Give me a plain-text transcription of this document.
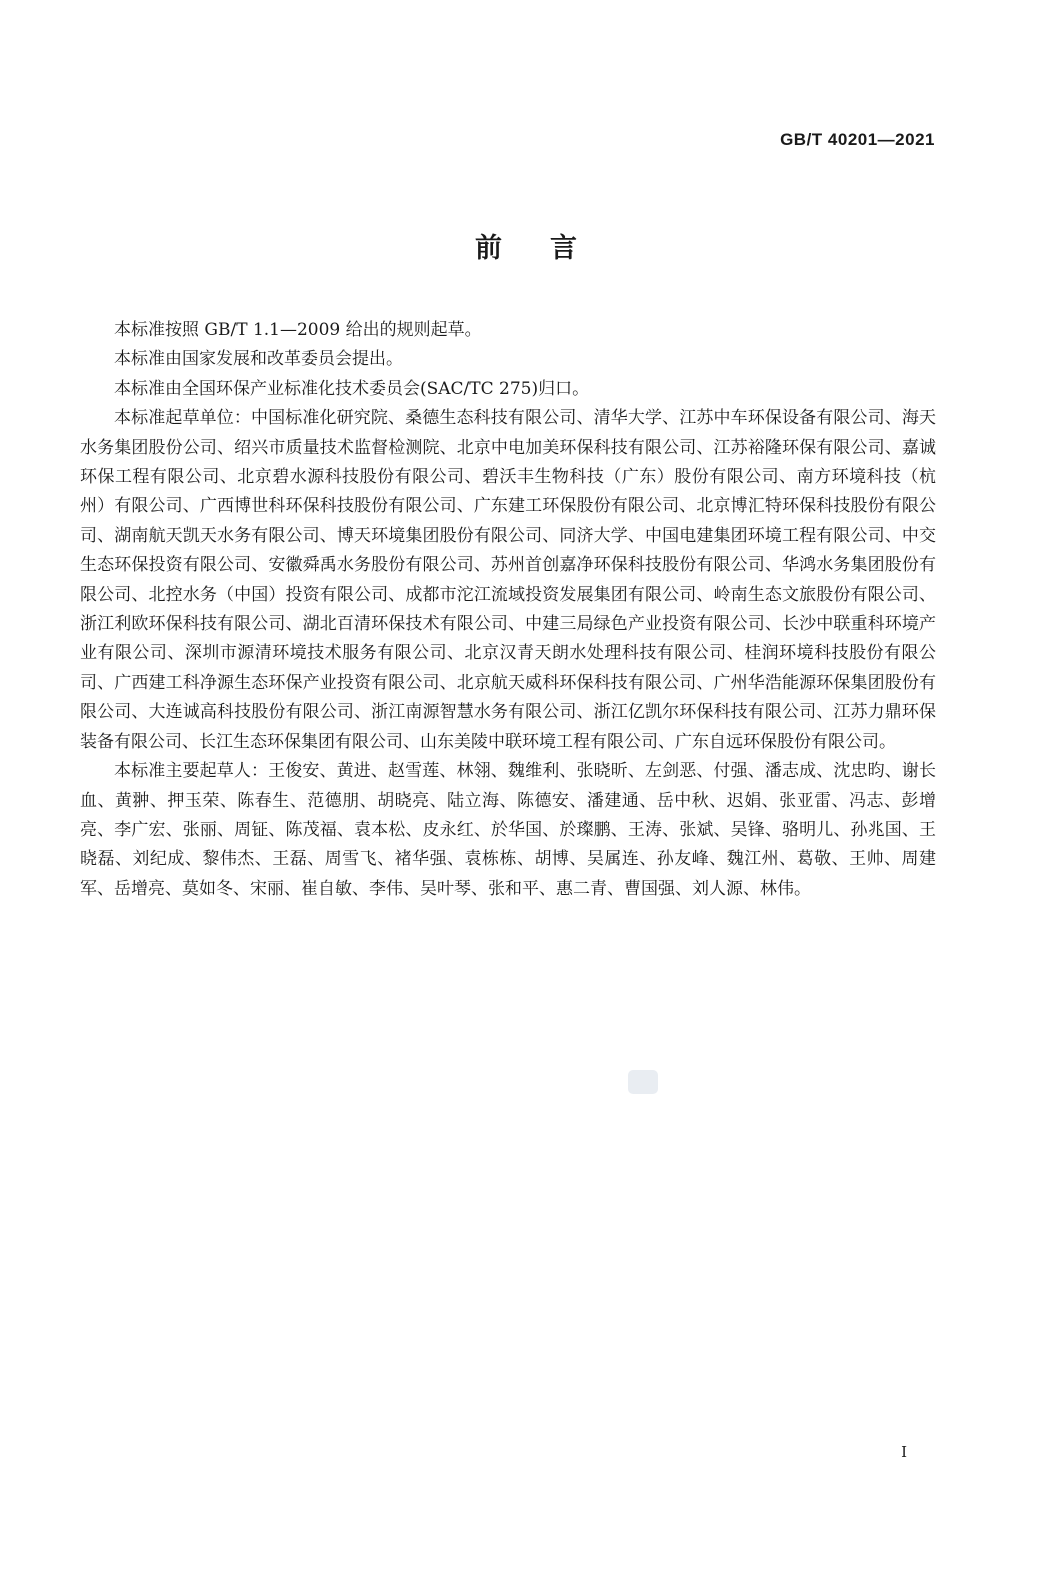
GB/T 40201—2021
前言

本标准按照 GB/T 1.1—2009 给出的规则起草。

本标准由国家发展和改革委员会提出。

本标准由全国环保产业标准化技术委员会(SAC/TC 275)归口。

本标准起草单位：中国标准化研究院、桑德生态科技有限公司、清华大学、江苏中车环保设备有限公司、海天水务集团股份公司、绍兴市质量技术监督检测院、北京中电加美环保科技有限公司、江苏裕隆环保有限公司、嘉诚环保工程有限公司、北京碧水源科技股份有限公司、碧沃丰生物科技（广东）股份有限公司、南方环境科技（杭州）有限公司、广西博世科环保科技股份有限公司、广东建工环保股份有限公司、北京博汇特环保科技股份有限公司、湖南航天凯天水务有限公司、博天环境集团股份有限公司、同济大学、中国电建集团环境工程有限公司、中交生态环保投资有限公司、安徽舜禹水务股份有限公司、苏州首创嘉净环保科技股份有限公司、华鸿水务集团股份有限公司、北控水务（中国）投资有限公司、成都市沱江流域投资发展集团有限公司、岭南生态文旅股份有限公司、浙江利欧环保科技有限公司、湖北百清环保技术有限公司、中建三局绿色产业投资有限公司、长沙中联重科环境产业有限公司、深圳市源清环境技术服务有限公司、北京汉青天朗水处理科技有限公司、桂润环境科技股份有限公司、广西建工科净源生态环保产业投资有限公司、北京航天威科环保科技有限公司、广州华浩能源环保集团股份有限公司、大连诚高科技股份有限公司、浙江南源智慧水务有限公司、浙江亿凯尔环保科技有限公司、江苏力鼎环保装备有限公司、长江生态环保集团有限公司、山东美陵中联环境工程有限公司、广东自远环保股份有限公司。

本标准主要起草人：王俊安、黄进、赵雪莲、林翎、魏维利、张晓昕、左剑恶、付强、潘志成、沈忠昀、谢长血、黄翀、押玉荣、陈春生、范德朋、胡晓亮、陆立海、陈德安、潘建通、岳中秋、迟娟、张亚雷、冯志、彭增亮、李广宏、张丽、周钲、陈茂福、袁本松、皮永红、於华国、於璨鹏、王涛、张斌、吴锋、骆明儿、孙兆国、王晓磊、刘纪成、黎伟杰、王磊、周雪飞、褚华强、袁栋栋、胡博、吴属连、孙友峰、魏江州、葛敬、王帅、周建军、岳增亮、莫如冬、宋丽、崔自敏、李伟、吴叶琴、张和平、惠二青、曹国强、刘人源、林伟。

I
